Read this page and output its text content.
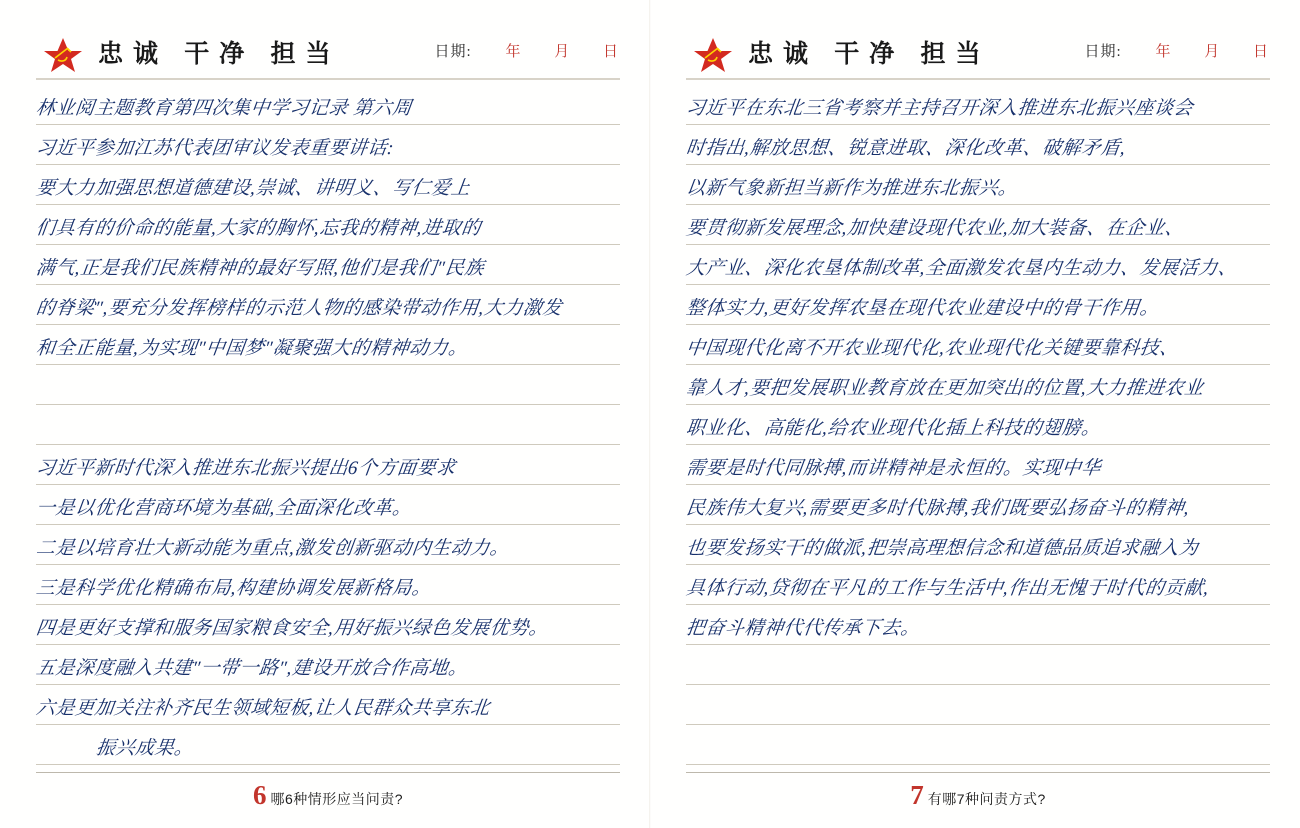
忠诚 干净 担当	日期: 年 月 日
林业阅主题教育第四次集中学习记录 第六周
习近平参加江苏代表团审议发表重要讲话:
要大力加强思想道德建设,崇诚、讲明义、写仁爱上
们具有的价命的能量,大家的胸怀,忘我的精神,进取的
满气,正是我们民族精神的最好写照,他们是我们"民族
的脊梁",要充分发挥榜样的示范人物的感染带动作用,大力激发
和全正能量,为实现"中国梦"凝聚强大的精神动力。
习近平新时代深入推进东北振兴提出6个方面要求
一是以优化营商环境为基础,全面深化改革。
二是以培育壮大新动能为重点,激发创新驱动内生动力。
三是科学优化精确布局,构建协调发展新格局。
四是更好支撑和服务国家粮食安全,用好振兴绿色发展优势。
五是深度融入共建"一带一路",建设开放合作高地。
六是更加关注补齐民生领域短板,让人民群众共享东北
振兴成果。
6 哪6种情形应当问责?
忠诚 干净 担当	日期: 年 月 日
习近平在东北三省考察并主持召开深入推进东北振兴座谈会
时指出,解放思想、锐意进取、深化改革、破解矛盾,
以新气象新担当新作为推进东北振兴。
要贯彻新发展理念,加快建设现代农业,加大装备、在企业、
大产业、深化农垦体制改革,全面激发农垦内生动力、发展活力、
整体实力,更好发挥农垦在现代农业建设中的骨干作用。
中国现代化离不开农业现代化,农业现代化关键要靠科技、
靠人才,要把发展职业教育放在更加突出的位置,大力推进农业
职业化、高能化,给农业现代化插上科技的翅膀。
需要是时代同脉搏,而讲精神是永恒的。实现中华
民族伟大复兴,需要更多时代脉搏,我们既要弘扬奋斗的精神,
也要发扬实干的做派,把崇高理想信念和道德品质追求融入为
具体行动,贷彻在平凡的工作与生活中,作出无愧于时代的贡献,
把奋斗精神代代传承下去。
7 有哪7种问责方式?
